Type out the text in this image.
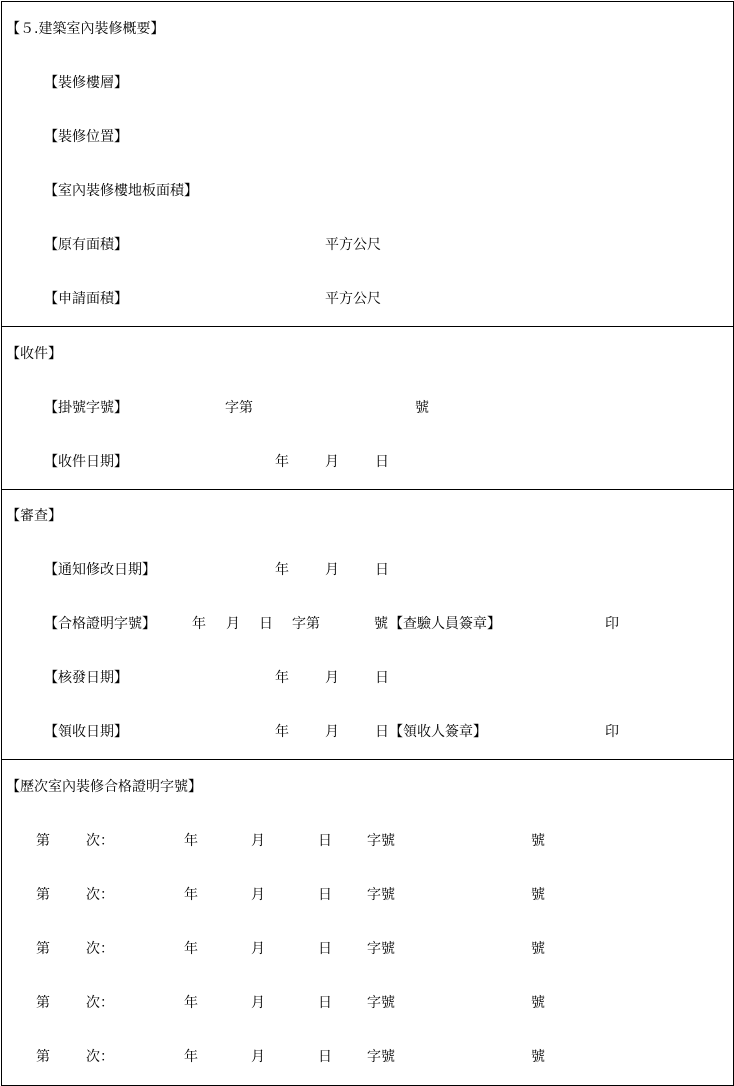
【５.建築室內裝修概要】
【裝修樓層】
【裝修位置】
【室內裝修樓地板面積】
【原有面積】	平方公尺
【申請面積】	平方公尺
【收件】
【掛號字號】	字第	號
【收件日期】	年	月	日
【審查】
【通知修改日期】	年	月	日
【合格證明字號】	年 月 日 字第	號 【查驗人員簽章】	印
【核發日期】	年	月	日
【領收日期】	年	月	日 【領收人簽章】	印
【歷次室內裝修合格證明字號】
第	次：	年	月	日	字號	號
第	次：	年	月	日	字號	號
第	次：	年	月	日	字號	號
第	次：	年	月	日	字號	號
第	次：	年	月	日	字號	號
